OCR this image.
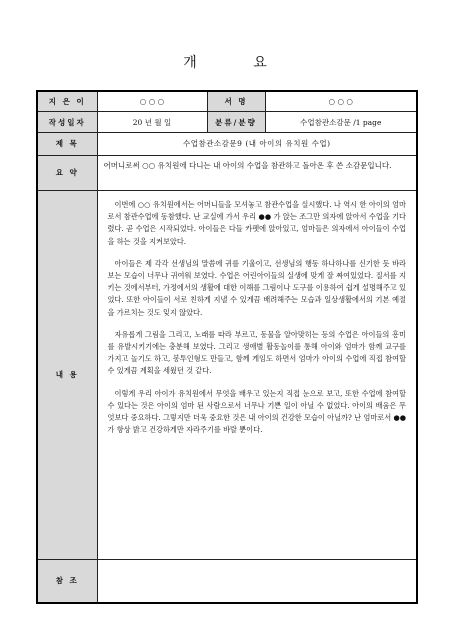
개 요
지 은 이	○ ○ ○	서 명	○ ○ ○
작성일자	20 년 월 일	분류/분량	수업참관소감문 /1 page
제 목	수업참관소감문9 (내 아이의 유치원 수업)		
요 약	어머니로써 ○○ 유치원에 다니는 내 아이의 수업을 참관하고 돌아온 후 쓴 소감문입니다.		
내 용	이번에 ○○ 유치원에서는 어머니들을 모셔놓고 참관수업을 실시했다. 나 역시 한 아이의 엄마로서 참관수업에 동참했다. 난 교실에 가서 우리 ●● 가 앉는 조그만 의자에 앉아서 수업을 기다렸다. 곧 수업은 시작되었다. 아이들은 다들 카펫에 앉아있고, 엄마들은 의자에서 아이들이 수업을 하는 것을 지켜보았다.

아이들은 제 각각 선생님의 말씀에 귀를 기울이고, 선생님의 행동 하나하나를 신기한 듯 바라보는 모습이 너무나 귀여워 보였다. 수업은 어린아이들의 실생에 맞게 잘 짜여있었다. 질서를 지키는 것에서부터, 가정에서의 생활에 대한 이해를 그림이나 도구를 이용하여 쉽게 설명해주고 있었다. 또한 아이들이 서로 친하게 지낼 수 있게끔 배려해주는 모습과 일상생활에서의 기본 예절을 가르치는 것도 잊지 않았다.

자유롭게 그림을 그리고, 노래를 따라 부르고, 동물을 알아맞히는 등의 수업은 아이들의 흥미를 유발시키기에는 충분해 보였다. 그리고 생애별 활동놀이를 통해 아이와 엄마가 함께 교구를 가지고 놀기도 하고, 봉투인형도 만들고, 함께 게임도 하면서 엄마가 아이의 수업에 직접 참여할 수 있게끔 계획을 세웠던 것 같다.

이렇게 우리 아이가 유치원에서 무엇을 배우고 있는지 직접 눈으로 보고, 또한 수업에 참여할 수 있다는 것은 아이의 엄마 된 사람으로서 너무나 기쁜 일이 아닐 수 없었다. 아이의 배움은 무엇보다 중요하다. 그렇지만 더욱 중요한 것은 내 아이의 건강한 모습이 아닐까? 난 엄마로서 ●● 가 항상 밝고 건강하게만 자라주기를 바랄 뿐이다.		

참 조			
